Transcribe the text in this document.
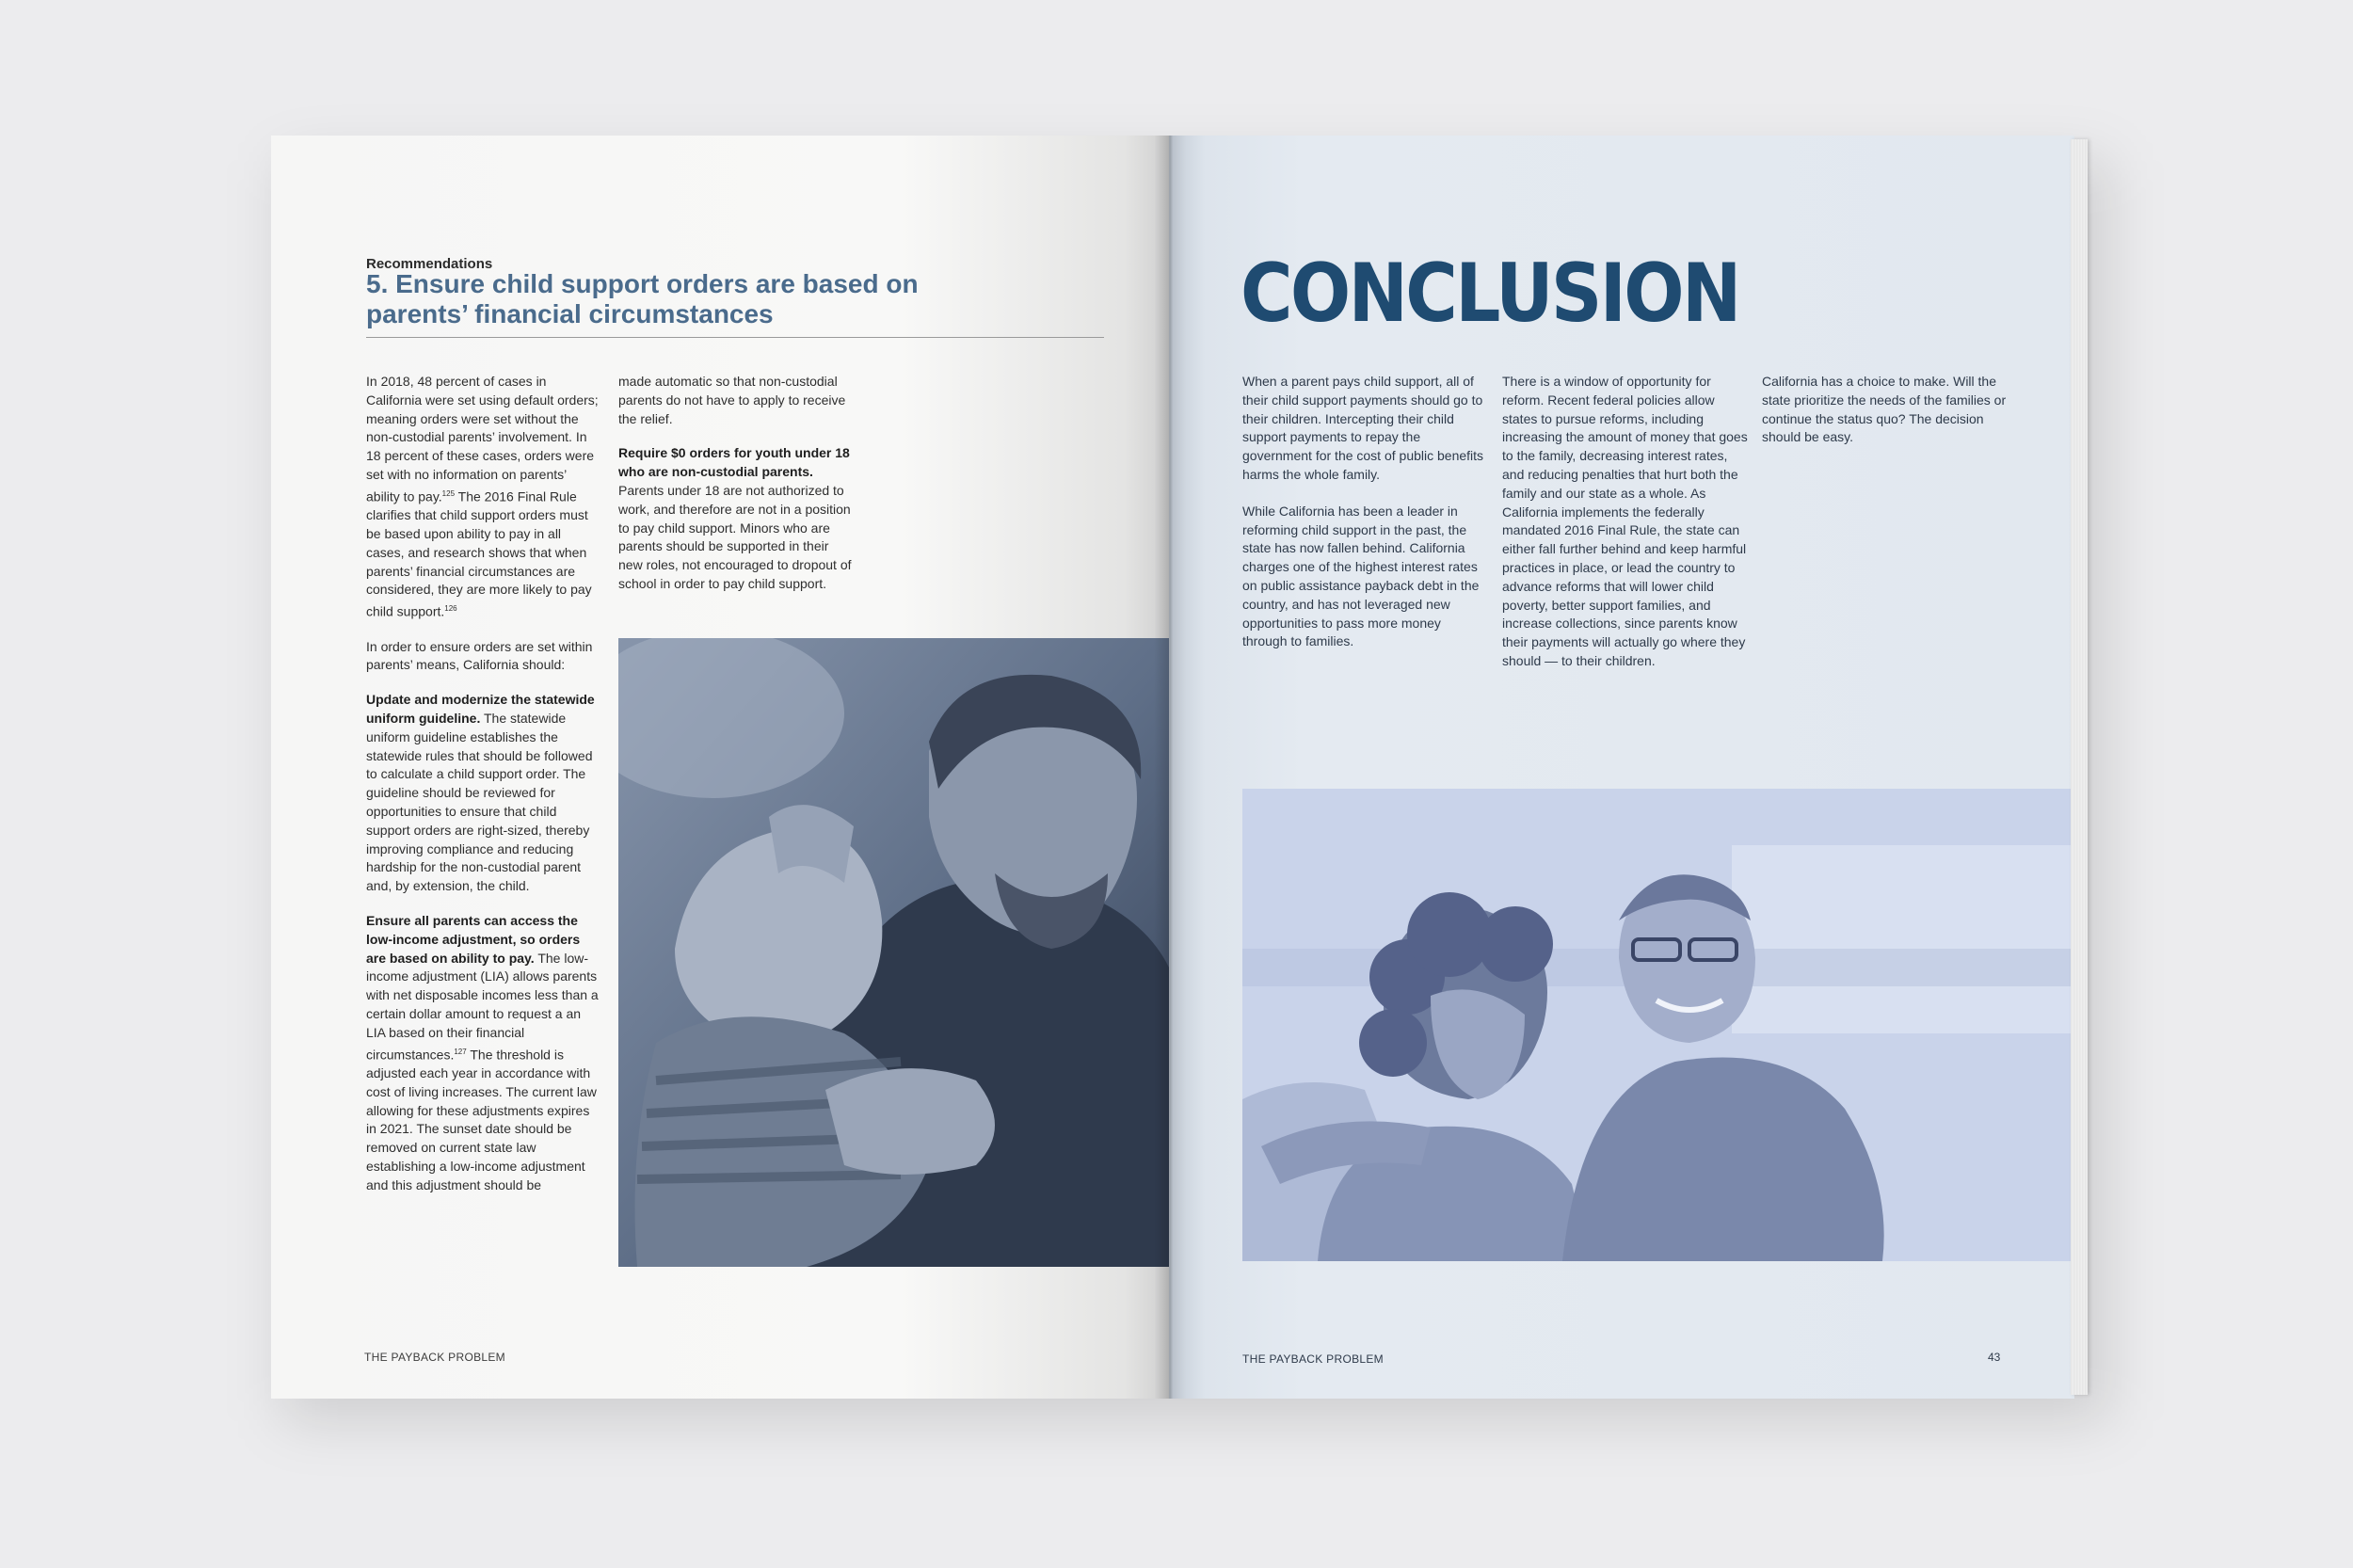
Recommendations
5. Ensure child support orders are based on parents’ financial circumstances

In 2018, 48 percent of cases in California were set using default orders; meaning orders were set without the non-custodial parents’ involvement. In 18 percent of these cases, orders were set with no information on parents’ ability to pay.$^{125}$ The 2016 Final Rule clarifies that child support orders must be based upon ability to pay in all cases, and research shows that when parents’ financial circumstances are considered, they are more likely to pay child support.$^{126}$

In order to ensure orders are set within parents’ means, California should:

Update and modernize the statewide uniform guideline. The statewide uniform guideline establishes the statewide rules that should be followed to calculate a child support order. The guideline should be reviewed for opportunities to ensure that child support orders are right-sized, thereby improving compliance and reducing hardship for the non-custodial parent and, by extension, the child.

Ensure all parents can access the low-income adjustment, so orders are based on ability to pay. The low-income adjustment (LIA) allows parents with net disposable incomes less than a certain dollar amount to request a an LIA based on their financial circumstances.$^{127}$ The threshold is adjusted each year in accordance with cost of living increases. The current law allowing for these adjustments expires in 2021. The sunset date should be removed on current state law establishing a low-income adjustment and this adjustment should be

made automatic so that non-custodial parents do not have to apply to receive the relief.

Require $0 orders for youth under 18 who are non-custodial parents. Parents under 18 are not authorized to work, and therefore are not in a position to pay child support. Minors who are parents should be supported in their new roles, not encouraged to dropout of school in order to pay child support.

THE PAYBACK PROBLEM
CONCLUSION

When a parent pays child support, all of their child support payments should go to their children. Intercepting their child support payments to repay the government for the cost of public benefits harms the whole family.

While California has been a leader in reforming child support in the past, the state has now fallen behind. California charges one of the highest interest rates on public assistance payback debt in the country, and has not leveraged new opportunities to pass more money through to families.

There is a window of opportunity for reform. Recent federal policies allow states to pursue reforms, including increasing the amount of money that goes to the family, decreasing interest rates, and reducing penalties that hurt both the family and our state as a whole. As California implements the federally mandated 2016 Final Rule, the state can either fall further behind and keep harmful practices in place, or lead the country to advance reforms that will lower child poverty, better support families, and increase collections, since parents know their payments will actually go where they should — to their children.

California has a choice to make. Will the state prioritize the needs of the families or continue the status quo? The decision should be easy.

THE PAYBACK PROBLEM	43
